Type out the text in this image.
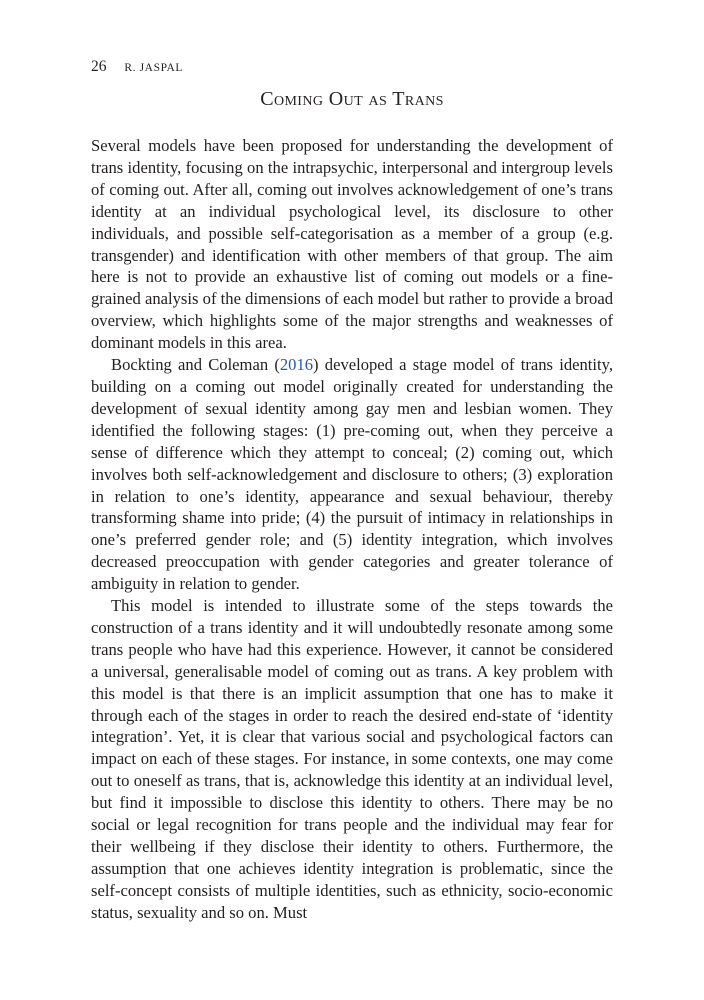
26 R. JASPAL
Coming Out as Trans

Several models have been proposed for understanding the development of trans identity, focusing on the intrapsychic, interpersonal and intergroup levels of coming out. After all, coming out involves acknowledgement of one’s trans identity at an individual psychological level, its disclosure to other individuals, and possible self-categorisation as a member of a group (e.g. transgender) and identification with other members of that group. The aim here is not to provide an exhaustive list of coming out models or a fine-grained analysis of the dimensions of each model but rather to provide a broad overview, which highlights some of the major strengths and weaknesses of dominant models in this area.

Bockting and Coleman (2016) developed a stage model of trans identity, building on a coming out model originally created for understanding the development of sexual identity among gay men and lesbian women. They identified the following stages: (1) pre-coming out, when they perceive a sense of difference which they attempt to conceal; (2) coming out, which involves both self-acknowledgement and disclosure to others; (3) exploration in relation to one’s identity, appearance and sexual behaviour, thereby transforming shame into pride; (4) the pursuit of intimacy in relationships in one’s preferred gender role; and (5) identity integration, which involves decreased preoccupation with gender categories and greater tolerance of ambiguity in relation to gender.

This model is intended to illustrate some of the steps towards the construction of a trans identity and it will undoubtedly resonate among some trans people who have had this experience. However, it cannot be considered a universal, generalisable model of coming out as trans. A key problem with this model is that there is an implicit assumption that one has to make it through each of the stages in order to reach the desired end-state of ‘identity integration’. Yet, it is clear that various social and psychological factors can impact on each of these stages. For instance, in some contexts, one may come out to oneself as trans, that is, acknowledge this identity at an individual level, but find it impossible to disclose this identity to others. There may be no social or legal recognition for trans people and the individual may fear for their wellbeing if they disclose their identity to others. Furthermore, the assumption that one achieves identity integration is problematic, since the self-concept consists of multiple identities, such as ethnicity, socio-economic status, sexuality and so on. Must
